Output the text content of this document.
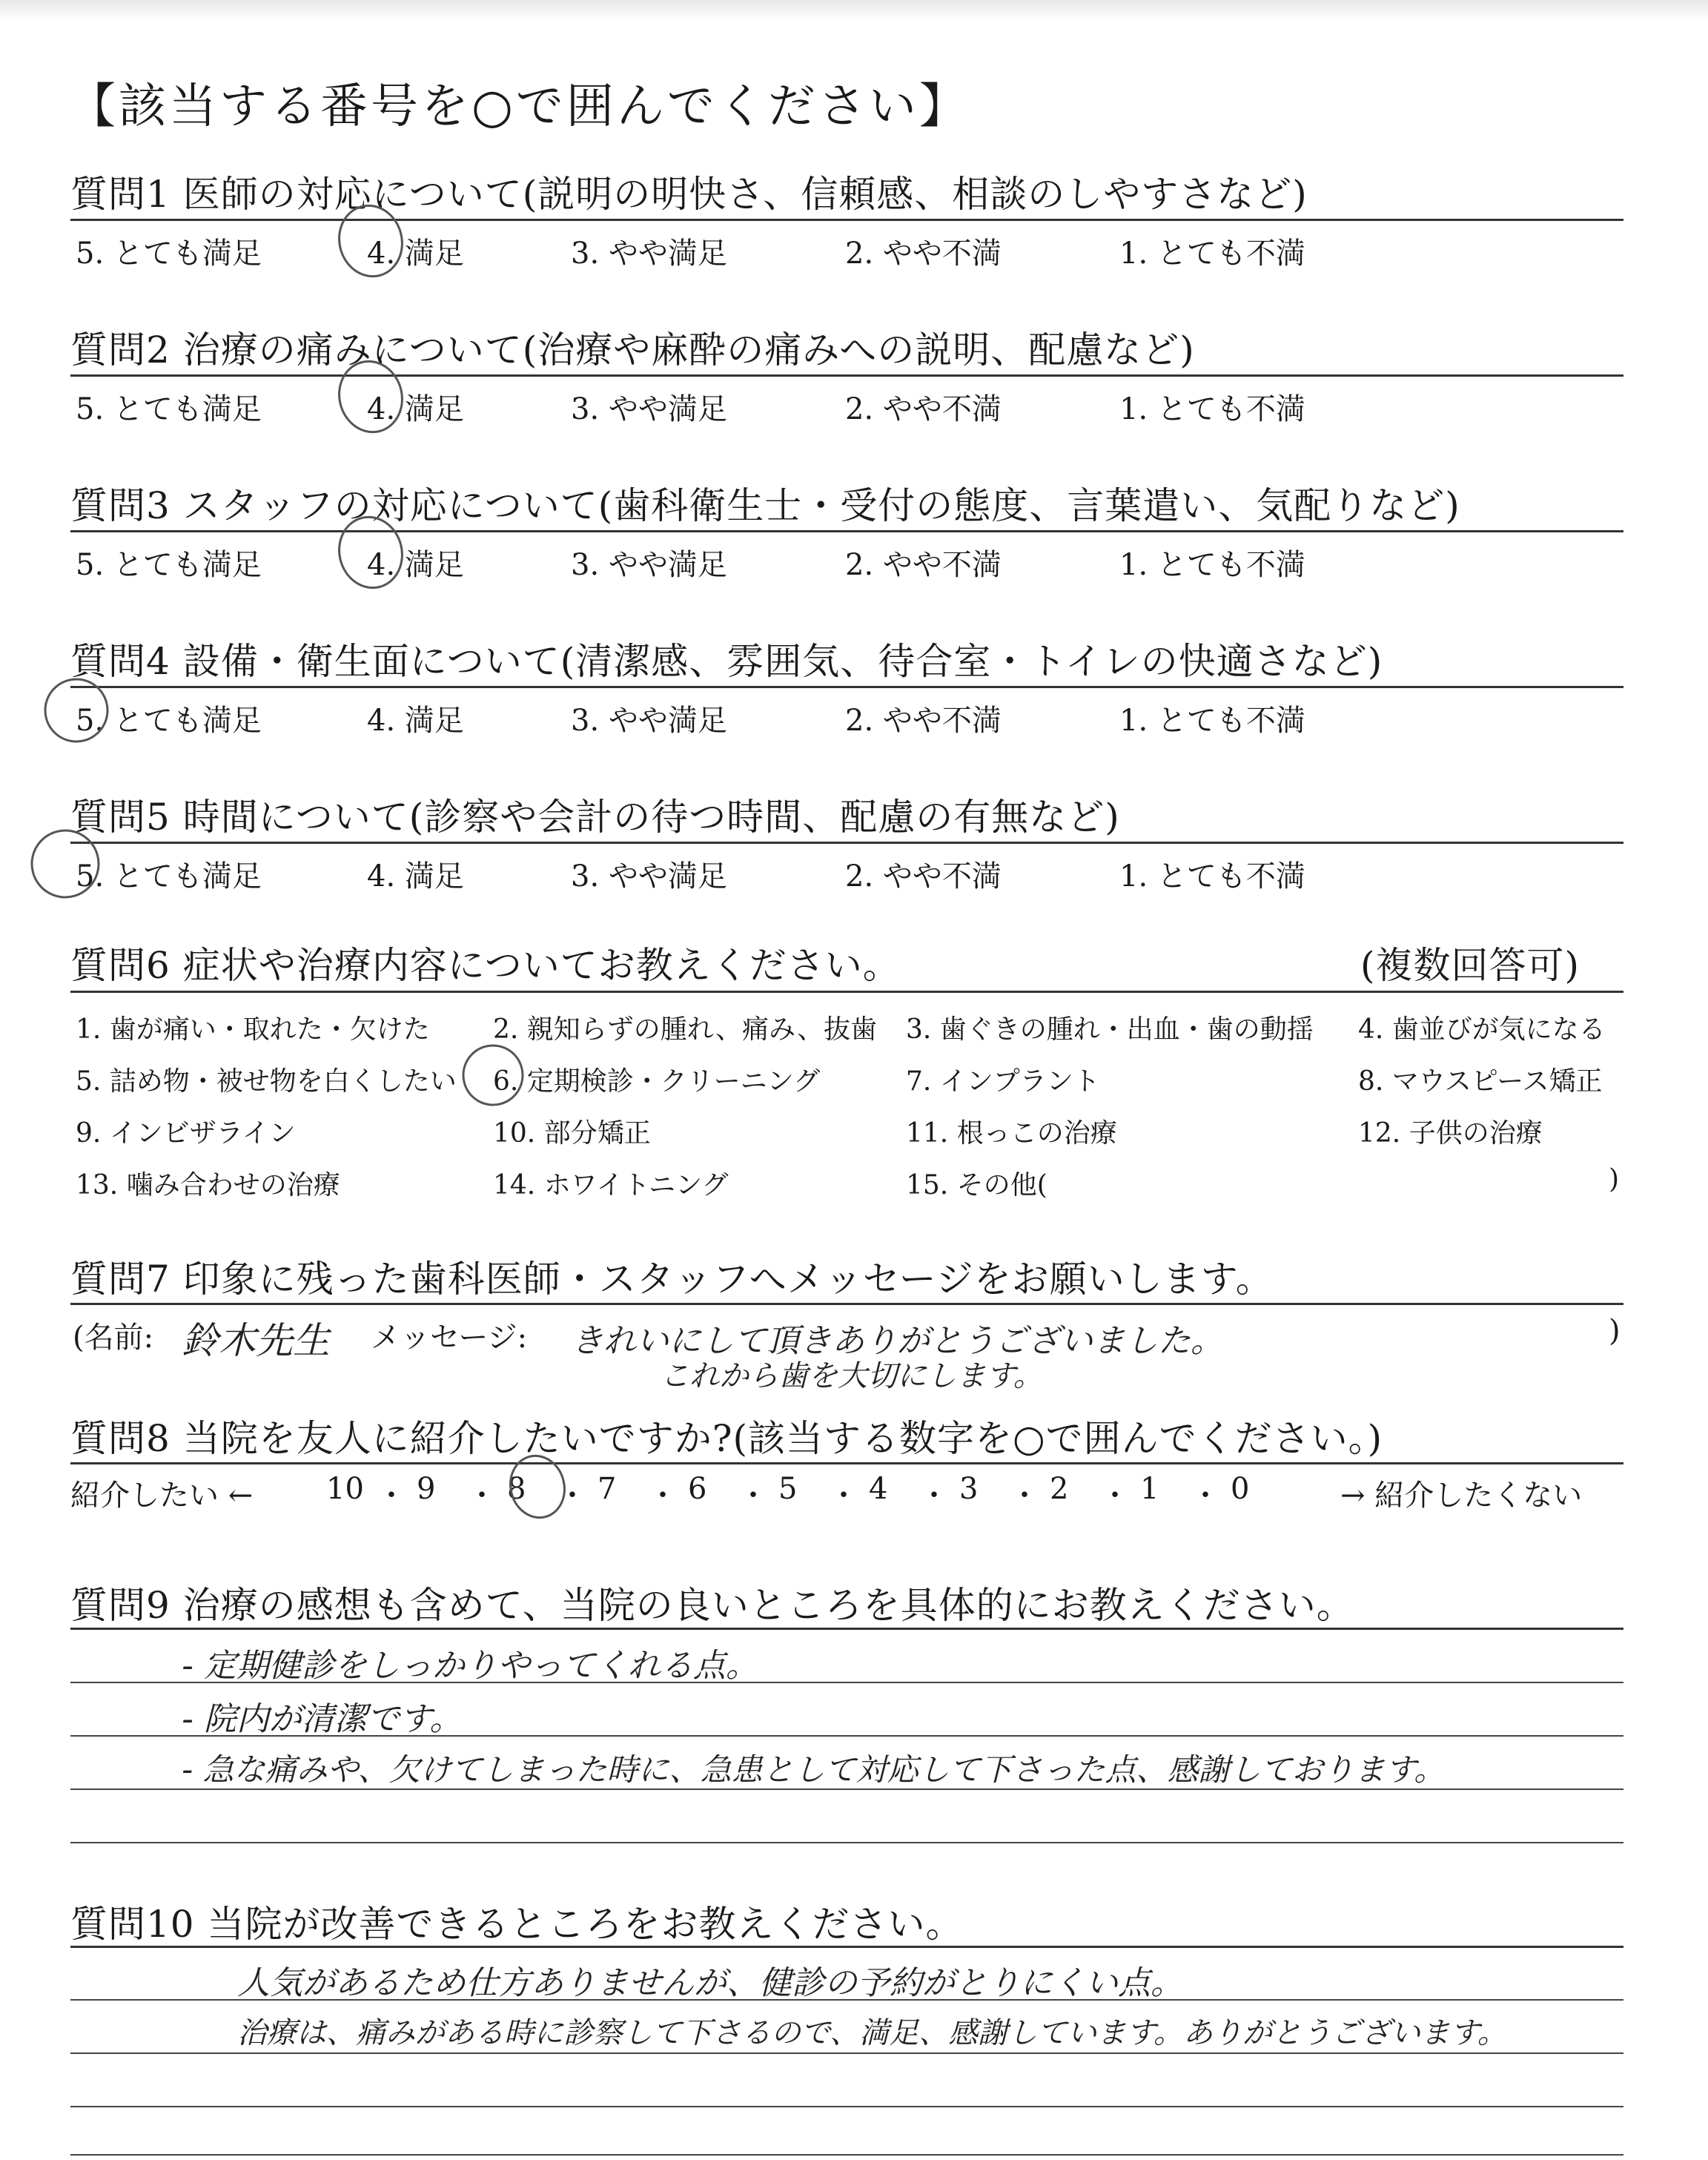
【該当する番号を○で囲んでください】
質問1 医師の対応について(説明の明快さ、信頼感、相談のしやすさなど)
5. とても満足	4. 満足	3. やや満足	2. やや不満	1. とても不満
質問2 治療の痛みについて(治療や麻酔の痛みへの説明、配慮など)
5. とても満足	4. 満足	3. やや満足	2. やや不満	1. とても不満
質問3 スタッフの対応について(歯科衛生士・受付の態度、言葉遣い、気配りなど)
5. とても満足	4. 満足	3. やや満足	2. やや不満	1. とても不満
質問4 設備・衛生面について(清潔感、雰囲気、待合室・トイレの快適さなど)
5. とても満足	4. 満足	3. やや満足	2. やや不満	1. とても不満
質問5 時間について(診察や会計の待つ時間、配慮の有無など)
5. とても満足	4. 満足	3. やや満足	2. やや不満	1. とても不満
質問6 症状や治療内容についてお教えください。	(複数回答可)
1. 歯が痛い・取れた・欠けた 2. 親知らずの腫れ、痛み、抜歯 3. 歯ぐきの腫れ・出血・歯の動揺 4. 歯並びが気になる
5. 詰め物・被せ物を白くしたい 6. 定期検診・クリーニング	7. インプラント	8. マウスピース矯正
9. インビザライン	10. 部分矯正	11. 根っこの治療	12. 子供の治療
13. 噛み合わせの治療	14. ホワイトニング	15. その他(	)
質問7 印象に残った歯科医師・スタッフへメッセージをお願いします。
(名前: 鈴木先生 メッセージ: きれいにして頂きありがとうございました。
これから歯を大切にします。
)
質問8 当院を友人に紹介したいですか?(該当する数字を○で囲んでください。)
紹介したい ← 10 ・ 9 ・ 8 ・ 7 ・ 6 ・ 5 ・ 4 ・ 3 ・ 2 ・ 1 ・ 0	→ 紹介したくない
質問9 治療の感想も含めて、当院の良いところを具体的にお教えください。
- 定期健診をしっかりやってくれる点。
- 院内が清潔です。
- 急な痛みや、欠けてしまった時に、急患として対応して下さった点、感謝しております。
質問10 当院が改善できるところをお教えください。
人気があるため仕方ありませんが、健診の予約がとりにくい点。
治療は、痛みがある時に診察して下さるので、満足、感謝しています。ありがとうございます。
